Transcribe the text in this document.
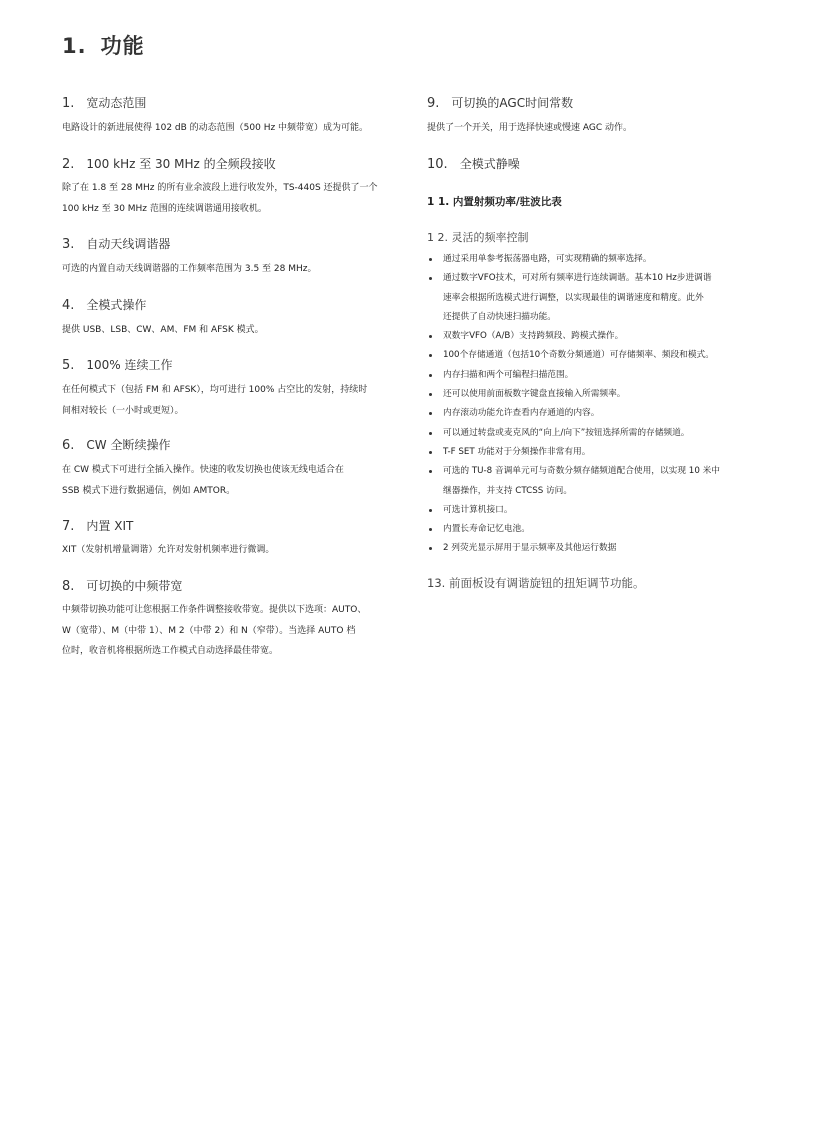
1. 功能
1. 宽动态范围
电路设计的新进展使得 102 dB 的动态范围（500 Hz 中频带宽）成为可能。
2. 100 kHz 至 30 MHz 的全频段接收
除了在 1.8 至 28 MHz 的所有业余波段上进行收发外，TS-440S 还提供了一个
100 kHz 至 30 MHz 范围的连续调谐通用接收机。
3. 自动天线调谐器
可选的内置自动天线调谐器的工作频率范围为 3.5 至 28 MHz。
4. 全模式操作
提供 USB、LSB、CW、AM、FM 和 AFSK 模式。
5. 100% 连续工作
在任何模式下（包括 FM 和 AFSK），均可进行 100% 占空比的发射，持续时
间相对较长（一小时或更短）。
6. CW 全断续操作
在 CW 模式下可进行全插入操作。快速的收发切换也使该无线电适合在
SSB 模式下进行数据通信，例如 AMTOR。
7. 内置 XIT
XIT（发射机增量调谐）允许对发射机频率进行微调。
8. 可切换的中频带宽
中频带切换功能可让您根据工作条件调整接收带宽。提供以下选项：AUTO、
W（宽带）、M（中带 1）、M 2（中带 2）和 N（窄带）。当选择 AUTO 档
位时，收音机将根据所选工作模式自动选择最佳带宽。
9. 可切换的AGC时间常数
提供了一个开关，用于选择快速或慢速 AGC 动作。
10. 全模式静噪
1 1. 内置射频功率/驻波比表
1 2. 灵活的频率控制
通过采用单参考振荡器电路，可实现精确的频率选择。
通过数字VFO技术，可对所有频率进行连续调谐。基本10 Hz步进调谐
速率会根据所选模式进行调整，以实现最佳的调谐速度和精度。此外
还提供了自动快速扫描功能。
双数字VFO（A/B）支持跨频段、跨模式操作。
100个存储通道（包括10个奇数分频通道）可存储频率、频段和模式。
内存扫描和两个可编程扫描范围。
还可以使用前面板数字键盘直接输入所需频率。
内存滚动功能允许查看内存通道的内容。
可以通过转盘或麦克风的“向上/向下”按钮选择所需的存储频道。
T-F SET 功能对于分频操作非常有用。
可选的 TU-8 音调单元可与奇数分频存储频道配合使用，以实现 10 米中
继器操作，并支持 CTCSS 访问。
可选计算机接口。
内置长寿命记忆电池。
2 列荧光显示屏用于显示频率及其他运行数据
13. 前面板设有调谐旋钮的扭矩调节功能。
